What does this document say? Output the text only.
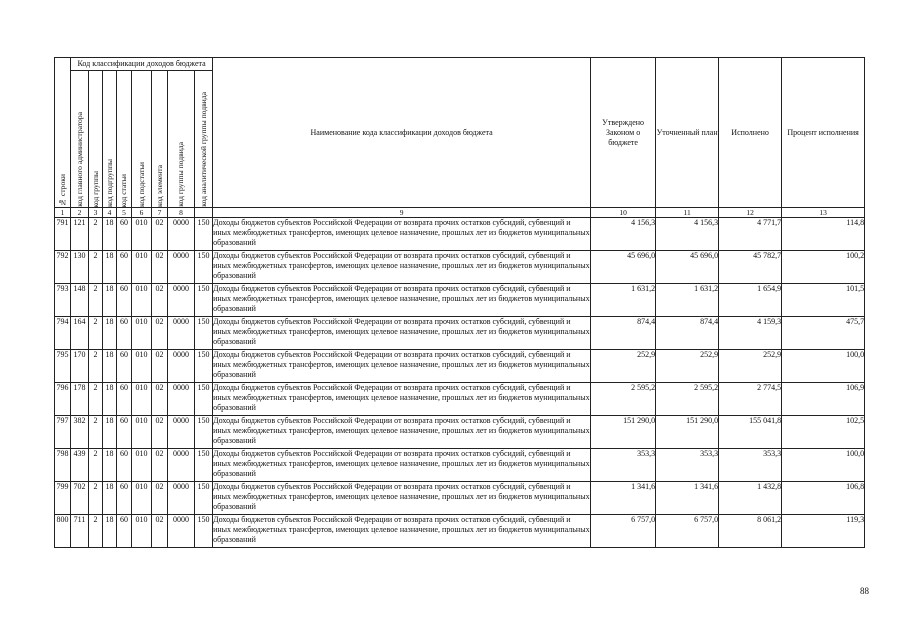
№ строки	Код классификации доходов бюджета								Наименование кода классификации доходов бюджета	Утверждено Законом о бюджете	Уточненный план	Исполнено	Процент исполнения

	код главного администратора	код группы	код подгруппы	код статьи	код подстатьи	код элемента	код группы подвида	код аналитической группы подвида					

1	2	3	4	5	6	7	8		9	10	11	12	13
791	121	2	18	60	010	02	0000	150	Доходы бюджетов субъектов Российской Федерации от возврата прочих остатков субсидий, субвенций и иных межбюджетных трансфертов, имеющих целевое назначение, прошлых лет из бюджетов муниципальных образований	4 156,3	4 156,3	4 771,7	114,8
792	130	2	18	60	010	02	0000	150	Доходы бюджетов субъектов Российской Федерации от возврата прочих остатков субсидий, субвенций и иных межбюджетных трансфертов, имеющих целевое назначение, прошлых лет из бюджетов муниципальных образований	45 696,0	45 696,0	45 782,7	100,2
793	148	2	18	60	010	02	0000	150	Доходы бюджетов субъектов Российской Федерации от возврата прочих остатков субсидий, субвенций и иных межбюджетных трансфертов, имеющих целевое назначение, прошлых лет из бюджетов муниципальных образований	1 631,2	1 631,2	1 654,9	101,5
794	164	2	18	60	010	02	0000	150	Доходы бюджетов субъектов Российской Федерации от возврата прочих остатков субсидий, субвенций и иных межбюджетных трансфертов, имеющих целевое назначение, прошлых лет из бюджетов муниципальных образований	874,4	874,4	4 159,3	475,7
795	170	2	18	60	010	02	0000	150	Доходы бюджетов субъектов Российской Федерации от возврата прочих остатков субсидий, субвенций и иных межбюджетных трансфертов, имеющих целевое назначение, прошлых лет из бюджетов муниципальных образований	252,9	252,9	252,9	100,0
796	178	2	18	60	010	02	0000	150	Доходы бюджетов субъектов Российской Федерации от возврата прочих остатков субсидий, субвенций и иных межбюджетных трансфертов, имеющих целевое назначение, прошлых лет из бюджетов муниципальных образований	2 595,2	2 595,2	2 774,5	106,9
797	382	2	18	60	010	02	0000	150	Доходы бюджетов субъектов Российской Федерации от возврата прочих остатков субсидий, субвенций и иных межбюджетных трансфертов, имеющих целевое назначение, прошлых лет из бюджетов муниципальных образований	151 290,0	151 290,0	155 041,8	102,5
798	439	2	18	60	010	02	0000	150	Доходы бюджетов субъектов Российской Федерации от возврата прочих остатков субсидий, субвенций и иных межбюджетных трансфертов, имеющих целевое назначение, прошлых лет из бюджетов муниципальных образований	353,3	353,3	353,3	100,0
799	702	2	18	60	010	02	0000	150	Доходы бюджетов субъектов Российской Федерации от возврата прочих остатков субсидий, субвенций и иных межбюджетных трансфертов, имеющих целевое назначение, прошлых лет из бюджетов муниципальных образований	1 341,6	1 341,6	1 432,8	106,8
800	711	2	18	60	010	02	0000	150	Доходы бюджетов субъектов Российской Федерации от возврата прочих остатков субсидий, субвенций и иных межбюджетных трансфертов, имеющих целевое назначение, прошлых лет из бюджетов муниципальных образований	6 757,0	6 757,0	8 061,2	119,3
88
